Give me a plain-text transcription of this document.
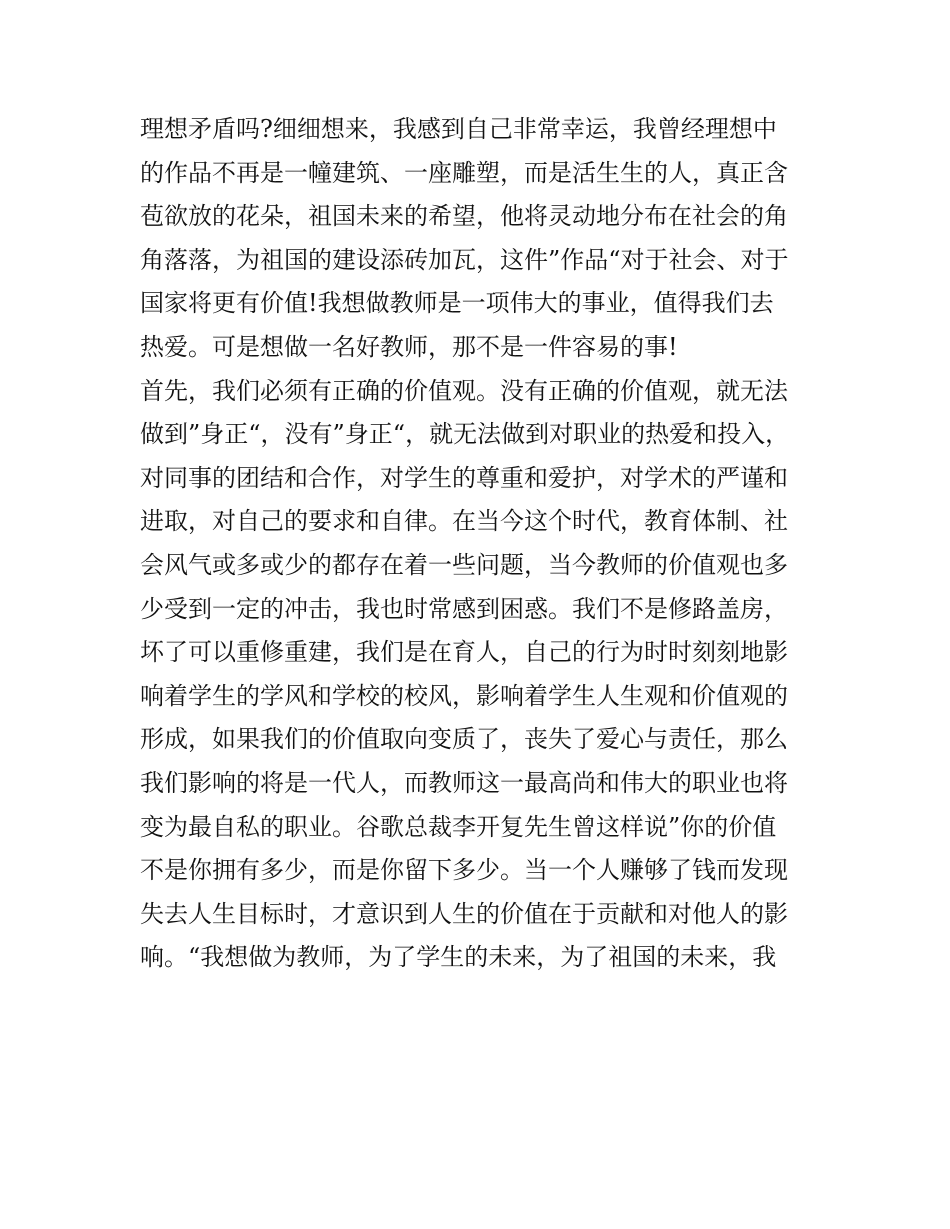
理想矛盾吗?细细想来，我感到自己非常幸运，我曾经理想中
的作品不再是一幢建筑、一座雕塑，而是活生生的人，真正含
苞欲放的花朵，祖国未来的希望，他将灵动地分布在社会的角
角落落，为祖国的建设添砖加瓦，这件”作品“对于社会、对于
国家将更有价值!我想做教师是一项伟大的事业，值得我们去
热爱。可是想做一名好教师，那不是一件容易的事!
首先，我们必须有正确的价值观。没有正确的价值观，就无法
做到”身正“，没有”身正“，就无法做到对职业的热爱和投入，
对同事的团结和合作，对学生的尊重和爱护，对学术的严谨和
进取，对自己的要求和自律。在当今这个时代，教育体制、社
会风气或多或少的都存在着一些问题，当今教师的价值观也多
少受到一定的冲击，我也时常感到困惑。我们不是修路盖房，
坏了可以重修重建，我们是在育人，自己的行为时时刻刻地影
响着学生的学风和学校的校风，影响着学生人生观和价值观的
形成，如果我们的价值取向变质了，丧失了爱心与责任，那么
我们影响的将是一代人，而教师这一最高尚和伟大的职业也将
变为最自私的职业。谷歌总裁李开复先生曾这样说”你的价值
不是你拥有多少，而是你留下多少。当一个人赚够了钱而发现
失去人生目标时，才意识到人生的价值在于贡献和对他人的影
响。“我想做为教师，为了学生的未来，为了祖国的未来，我
